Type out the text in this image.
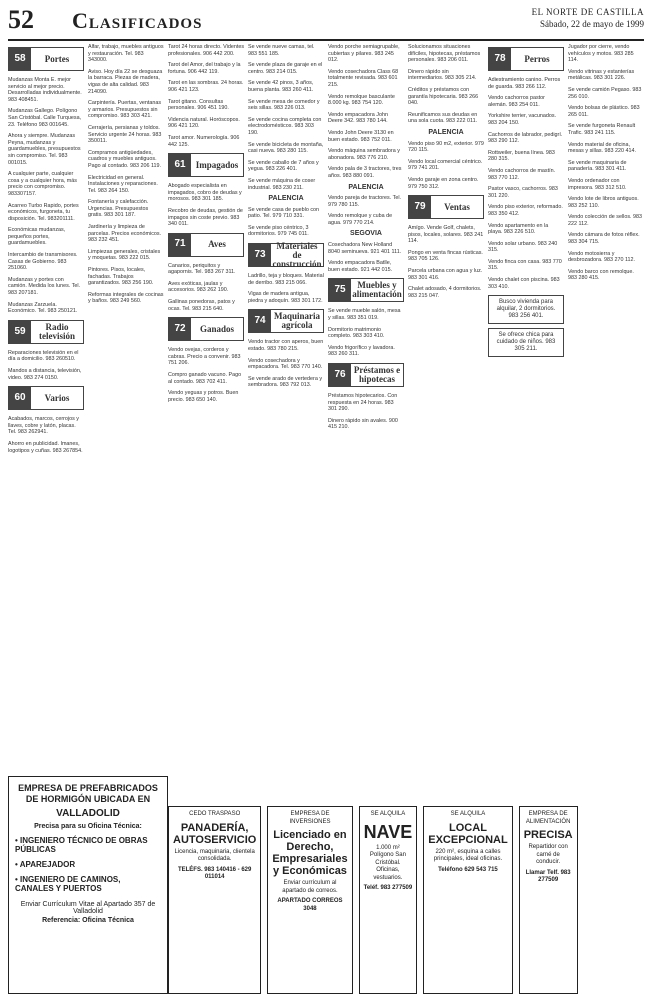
52 Clasificados	EL NORTE DE CASTILLA
Sábado, 22 de mayo de 1999
58	Portes

Mudanzas Monta E. mejor servicio al mejor precio. Desarrolladas individualmente. 983 408451.

Mudanzas Gallego. Polígono San Cristóbal. Calle Turquesa, 23. Teléfono 983 001645.

Ahora y siempre. Mudanzas Peyna, mudanzas y guardamuebles, presupuestos sin compromiso. Tel. 983 001015.

A cualquier parte, cualquier cosa y a cualquier hora, más precio con compromiso. 983307157.

Acarreo Turbo Rapido, portes económicos, furgoneta, tu disposición. Tel. 983201111.

Económicas mudanzas, pequeños portes, guardamuebles.

Intercambio de transmisores. Casas de Gobierno. 983 251060.

Mudanzas y portes con camión. Medida los lunes. Tel. 983 207181.

Mudanzas Zarzuela. Económico. Tel. 983 250121.

59	Radio televisión

Reparaciones televisión en el día a domicilio. 983 260510.

Mandos a distancia, televisión, video. 983 274 0150.

60	Varios

Acabados, marcos, cerrojos y llaves, cobre y latón, placas. Tel. 983 262941.

Ahorro en publicidad. Imanes, logotipos y cuñas. 983 267854.

Alfar, trabajo, muebles antiguos y restauración. Tel. 983 343000.

Aviso. Hoy día 22 se desguaza la barraca. Piezas de madera, vigas de alta calidad. 983 214090.

Carpintería. Puertas, ventanas y armarios. Presupuestos sin compromiso. 983 303 421.

Cerrajería, persianas y toldos. Servicio urgente 24 horas. 983 350011.

Compramos antigüedades, cuadros y muebles antiguos. Pago al contado. 983 206 119.

Electricidad en general. Instalaciones y reparaciones. Tel. 983 264 150.

Fontanería y calefacción. Urgencias. Presupuestos gratis. 983 301 187.

Jardinería y limpieza de parcelas. Precios económicos. 983 232 451.

Limpiezas generales, cristales y moquetas. 983 222 015.

Pintores. Pisos, locales, fachadas. Trabajos garantizados. 983 256 190.

Reformas integrales de cocinas y baños. 983 249 560.

Tarot 24 horas directo. Videntes profesionales. 906 442 200.

Tarot del Amor, del trabajo y la fortuna. 906 442 119.

Tarot en las sombras. 24 horas. 906 421 123.

Tarot gitano. Consultas personales. 906 451 190.

Videncia natural. Horóscopos. 906 421 120.

Tarot amor. Numerología. 906 442 125.

61	Impagados

Abogado especialista en impagados, cobro de deudas y morosos. 983 301 185.

Recobro de deudas, gestión de impagos sin coste previo. 983 340 011.

71	Aves

Canarios, periquitos y agapornis. Tel. 983 267 311.

Aves exóticas, jaulas y accesorios. 983 262 190.

Gallinas ponedoras, patos y ocas. Tel. 983 215 640.

72	Ganados

Vendo ovejas, corderos y cabras. Precio a convenir. 983 751 206.

Compro ganado vacuno. Pago al contado. 983 702 411.

Vendo yeguas y potros. Buen precio. 983 650 140.

Se vende nueve camas, tel. 983 551 185.

Se vende plaza de garaje en el centro. 983 214 015.

Se vende 42 pinos, 3 años, buena planta. 983 260 411.

Se vende mesa de comedor y seis sillas. 983 226 013.

Se vende cocina completa con electrodomésticos. 983 303 190.

Se vende bicicleta de montaña, casi nueva. 983 280 115.

Se vende caballo de 7 años y yegua. 983 226 401.

Se vende máquina de coser industrial. 983 230 211.

PALENCIA

Se vende casa de pueblo con patio. Tel. 979 710 331.

Se vende piso céntrico, 3 dormitorios. 979 745 011.

73
Materiales de construcción

Ladrillo, teja y bloques. Material de derribo. 983 215 066.

Vigas de madera antigua, piedra y adoquín. 983 301 172.

74 Maquinaria agrícola

Vendo tractor con aperos, buen estado. 983 780 215.

Vendo cosechadora y empacadora. Tel. 983 770 140.

Se vende arado de vertedera y sembradora. 983 792 013.

Vendo porche semiagrupable, cubiertas y pilares. 983 245 012.

Vendo cosechadora Class 68 totalmente revisada. 983 601 215.

Vendo remolque basculante 8.000 kg. 983 754 120.

Vendo empacadora John Deere 342. 983 780 144.

Vendo John Deere 3130 en buen estado. 983 752 011.

Vendo máquina sembradora y abonadora. 983 776 210.

Vendo pala de 3 tractores, tres años. 983 880 091.

PALENCIA

Vendo pareja de tractores. Tel. 979 780 115.

Vendo remolque y cuba de agua. 979 770 214.

SEGOVIA

Cosechadora New Holland 8040 seminueva. 921 401 111.

Vendo empacadora Batlle, buen estado. 921 442 015.

75	Muebles y alimentación

Se vende mueble salón, mesa y sillas. 983 351 019.

Dormitorio matrimonio completo. 983 303 410.

Vendo frigorífico y lavadora. 983 260 311.

76 Préstamos e hipotecas

Préstamos hipotecarios. Con respuesta en 24 horas. 983 301 290.

Dinero rápido sin avales. 900 415 210.

Solucionamos situaciones difíciles, hipotecas, préstamos personales. 983 206 011.

Dinero rápido sin intermediarios. 983 305 214.

Créditos y préstamos con garantía hipotecaria. 983 266 040.

Reunificamos sus deudas en una sola cuota. 983 222 011.

PALENCIA

Vendo piso 90 m2, exterior. 979 720 115.

Vendo local comercial céntrico. 979 741 201.

Vendo garaje en zona centro. 979 750 312.

79	Ventas

Amígo. Vende Golf, chalets, pisos, locales, solares. 983 241 114.

Pongo en venta fincas rústicas. 983 705 126.

Parcela urbana con agua y luz. 983 301 416.

Chalet adosado, 4 dormitorios. 983 215 047.

78	Perros

Adiestramiento canino. Perros de guarda. 983 266 112.

Vendo cachorros pastor alemán. 983 254 011.

Yorkshire terrier, vacunados. 983 204 150.

Cachorros de labrador, pedigrí. 983 290 112.

Rottweiler, buena línea. 983 280 315.

Vendo cachorros de mastín. 983 770 112.

Pastor vasco, cachorros. 983 301 220.

Vendo piso exterior, reformado. 983 350 412.

Vendo apartamento en la playa. 983 226 510.

Vendo solar urbano. 983 240 315.

Vendo finca con casa. 983 770 315.

Vendo chalet con piscina. 983 303 410.

Busco vivienda para alquilar, 2 dormitorios. 983 256 401.
Se ofrece chica para cuidado de niños. 983 305 211.

Jugador por cierre, vendo vehículos y motos. 983 285 114.

Vendo vitrinas y estanterías metálicas. 983 301 226.

Se vende camión Pegaso. 983 256 010.

Vendo bolsas de plástico. 983 265 011.

Se vende furgoneta Renault Trafic. 983 241 115.

Vendo material de oficina, mesas y sillas. 983 220 414.

Se vende maquinaria de panadería. 983 301 411.

Vendo ordenador con impresora. 983 312 510.

Vendo lote de libros antiguos. 983 252 110.

Vendo colección de sellos. 983 222 112.

Vendo cámara de fotos réflex. 983 304 715.

Vendo motosierra y desbrozadora. 983 270 112.

Vendo barco con remolque. 983 280 415.

EMPRESA DE PREFABRICADOS DE HORMIGÓN UBICADA EN
VALLADOLID
Precisa para su Oficina Técnica:
• INGENIERO TÉCNICO DE OBRAS PÚBLICAS
• APAREJADOR
• INGENIERO DE CAMINOS, CANALES Y PUERTOS
Enviar Currículum Vitae al Apartado 357 de Valladolid
Referencia: Oficina Técnica
CEDO TRASPASO
PANADERÍA, AUTOSERVICIO
Licencia, maquinaria, clientela consolidada.
TELÉFS. 983 140416 - 629 011014
EMPRESA DE INVERSIONES
Licenciado en Derecho, Empresariales y Económicas
Enviar currículum al apartado de correos.
APARTADO CORREOS 3048
SE ALQUILA
NAVE
1.000 m² Polígono San Cristóbal. Oficinas, vestuarios.
Teléf. 983 277509
SE ALQUILA
LOCAL EXCEPCIONAL
220 m², esquina a calles principales, ideal oficinas.
Teléfono 629 543 715
EMPRESA DE ALIMENTACIÓN
PRECISA
Repartidor con carné de conducir.
Llamar Telf. 983 277509
